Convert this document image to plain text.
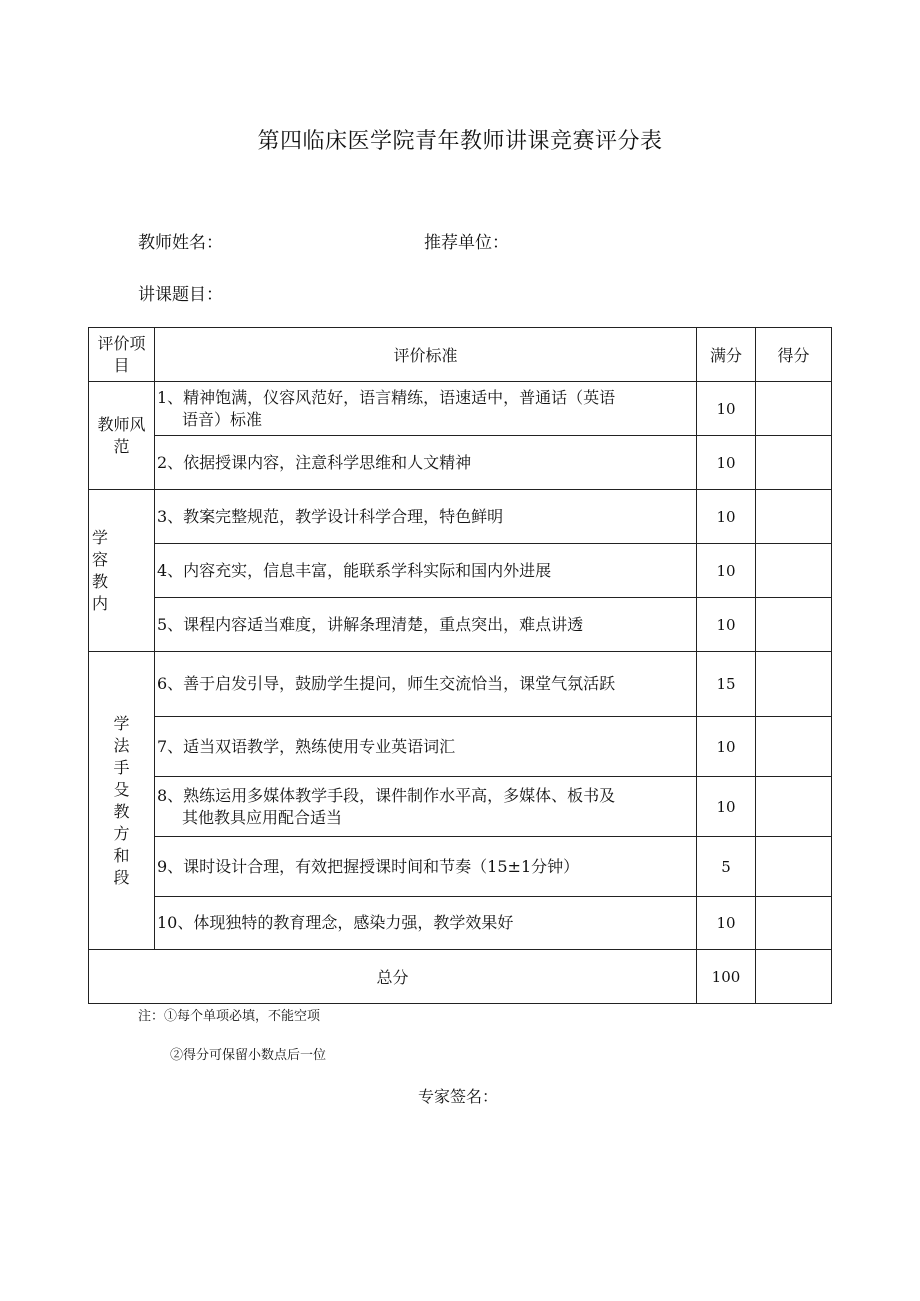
第四临床医学院青年教师讲课竞赛评分表
教师姓名：	推荐单位：
讲课题目：
评价项目	评价标准	满分	得分

教师风范	1、精神饱满，仪容风范好，语言精练，语速适中，普通话（英语
语音）标准	10	
	2、依据授课内容，注意科学思维和人文精神	10	

学容教内	3、教案完整规范，教学设计科学合理，特色鲜明	10	
	4、内容充实，信息丰富，能联系学科实际和国内外进展	10	
	5、课程内容适当难度，讲解条理清楚，重点突出，难点讲透	10	

学法手殳教方和段	6、善于启发引导，鼓励学生提问，师生交流恰当，课堂气氛活跃	15	
	7、适当双语教学，熟练使用专业英语词汇	10	
	8、熟练运用多媒体教学手段，课件制作水平高，多媒体、板书及
其他教具应用配合适当	10	
	9、课时设计合理，有效把握授课时间和节奏（15±1分钟）	5	
	10、体现独特的教育理念，感染力强，教学效果好	10	
总分		100	
注：①每个单项必填，不能空项
②得分可保留小数点后一位
专家签名：
